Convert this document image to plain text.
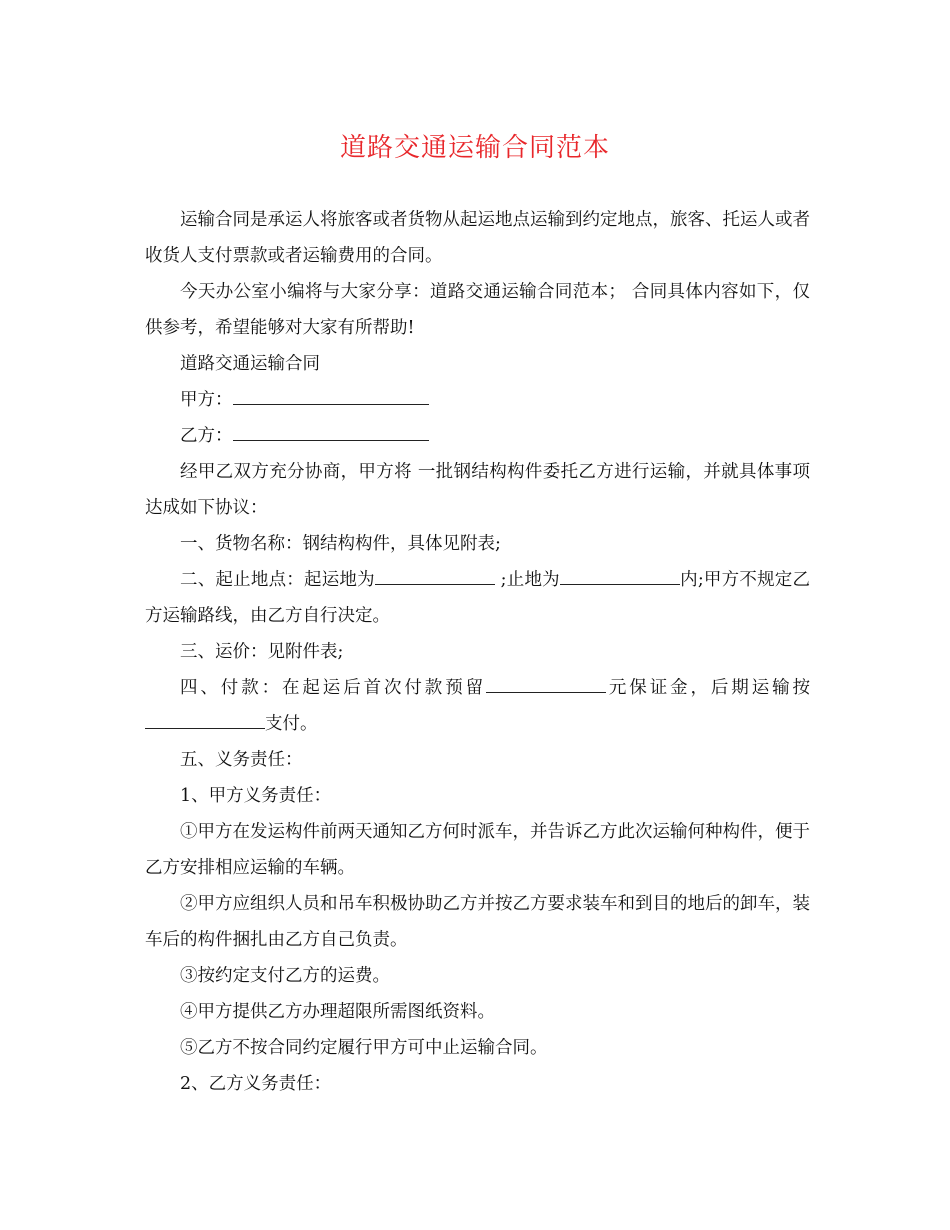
道路交通运输合同范本

运输合同是承运人将旅客或者货物从起运地点运输到约定地点，旅客、托运人或者收货人支付票款或者运输费用的合同。

今天办公室小编将与大家分享：道路交通运输合同范本； 合同具体内容如下，仅供参考，希望能够对大家有所帮助!

道路交通运输合同

甲方：

乙方：

经甲乙双方充分协商，甲方将 一批钢结构构件委托乙方进行运输，并就具体事项达成如下协议：

一、货物名称：钢结构构件，具体见附表;

二、起止地点：起运地为	;止地为	内;甲方不规定乙方运输路线，由乙方自行决定。

三、运价：见附件表;

四、付款：在起运后首次付款预留	元保证金，后期运输按支付。

五、义务责任：

1、甲方义务责任：

①甲方在发运构件前两天通知乙方何时派车，并告诉乙方此次运输何种构件，便于乙方安排相应运输的车辆。

②甲方应组织人员和吊车积极协助乙方并按乙方要求装车和到目的地后的卸车，装车后的构件捆扎由乙方自己负责。

③按约定支付乙方的运费。

④甲方提供乙方办理超限所需图纸资料。

⑤乙方不按合同约定履行甲方可中止运输合同。

2、乙方义务责任：
